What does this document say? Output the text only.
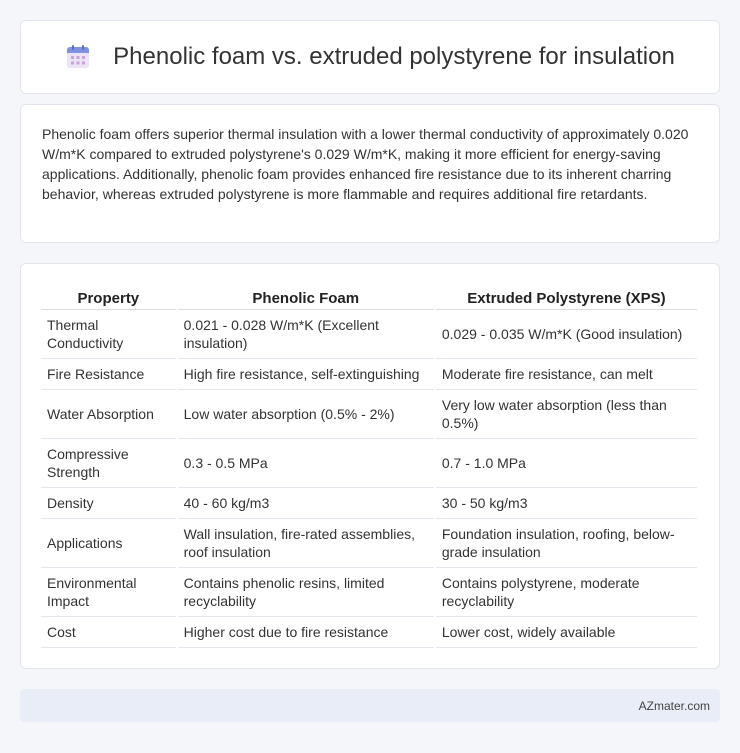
Phenolic foam vs. extruded polystyrene for insulation

Phenolic foam offers superior thermal insulation with a lower thermal conductivity of approximately 0.020 W/m*K compared to extruded polystyrene's 0.029 W/m*K, making it more efficient for energy-saving applications. Additionally, phenolic foam provides enhanced fire resistance due to its inherent charring behavior, whereas extruded polystyrene is more flammable and requires additional fire retardants.

Property	Phenolic Foam	Extruded Polystyrene (XPS)
Thermal Conductivity	0.021 - 0.028 W/m*K (Excellent insulation)	0.029 - 0.035 W/m*K (Good insulation)
Fire Resistance	High fire resistance, self-extinguishing	Moderate fire resistance, can melt
Water Absorption	Low water absorption (0.5% - 2%)	Very low water absorption (less than 0.5%)
Compressive Strength	0.3 - 0.5 MPa	0.7 - 1.0 MPa
Density	40 - 60 kg/m3	30 - 50 kg/m3
Applications	Wall insulation, fire-rated assemblies, roof insulation	Foundation insulation, roofing, below-grade insulation
Environmental Impact	Contains phenolic resins, limited recyclability	Contains polystyrene, moderate recyclability
Cost	Higher cost due to fire resistance	Lower cost, widely available
AZmater.com
